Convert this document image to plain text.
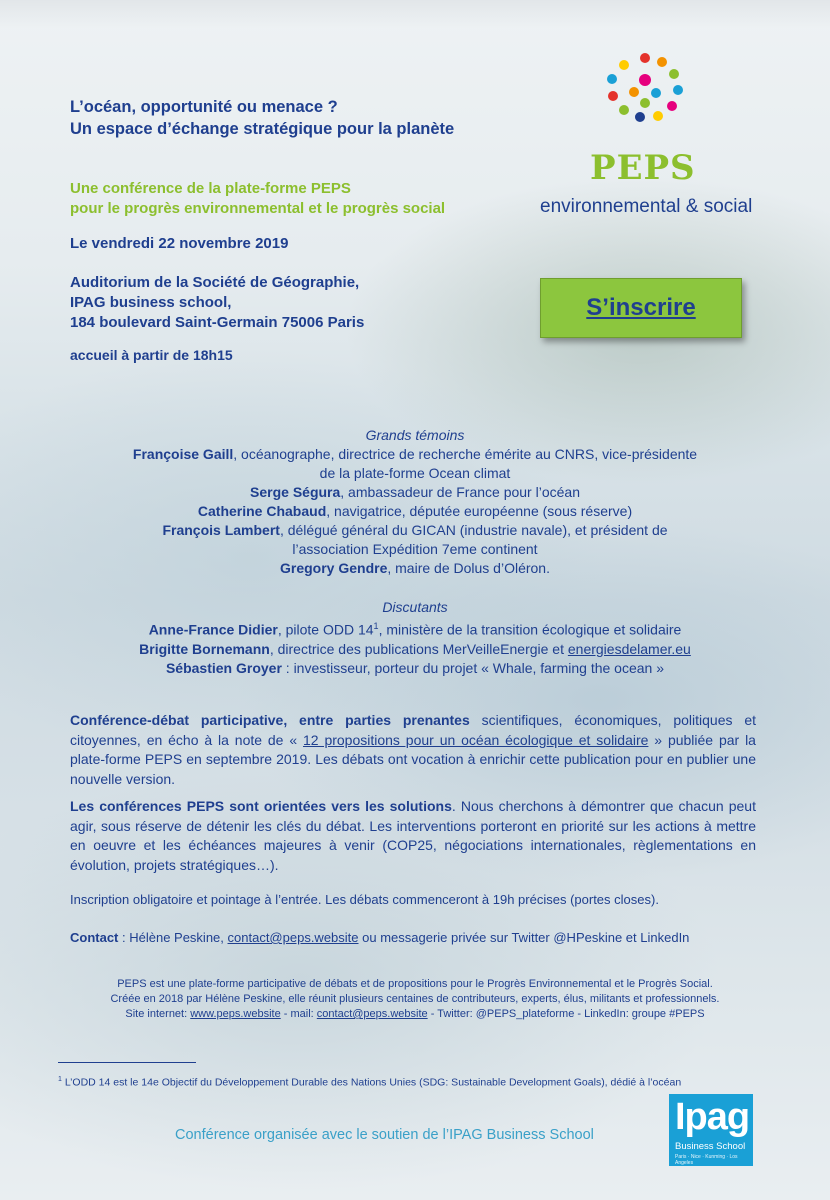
L’océan, opportunité ou menace ?
Un espace d’échange stratégique pour la planète
Une conférence de la plate-forme PEPS
pour le progrès environnemental et le progrès social
Le vendredi 22 novembre 2019
Auditorium de la Société de Géographie,
IPAG business school,
184 boulevard Saint-Germain 75006 Paris
accueil à partir de 18h15
PEPS
environnemental & social
S’inscrire
Grands témoins
Françoise Gaill, océanographe, directrice de recherche émérite au CNRS, vice-présidente
de la plate-forme Ocean climat
Serge Ségura, ambassadeur de France pour l’océan
Catherine Chabaud, navigatrice, députée européenne (sous réserve)
François Lambert, délégué général du GICAN (industrie navale), et président de
l’association Expédition 7eme continent
Gregory Gendre, maire de Dolus d’Oléron.
Discutants
Anne-France Didier, pilote ODD $14^1$, ministère de la transition écologique et solidaire
Brigitte Bornemann, directrice des publications MerVeilleEnergie et energiesdelamer.eu
Sébastien Groyer : investisseur, porteur du projet « Whale, farming the ocean »
Conférence-débat participative, entre parties prenantes scientifiques, économiques, politiques et citoyennes, en écho à la note de « 12 propositions pour un océan écologique et solidaire » publiée par la plate-forme PEPS en septembre 2019. Les débats ont vocation à enrichir cette publication pour en publier une nouvelle version.
Les conférences PEPS sont orientées vers les solutions. Nous cherchons à démontrer que chacun peut agir, sous réserve de détenir les clés du débat. Les interventions porteront en priorité sur les actions à mettre en oeuvre et les échéances majeures à venir (COP25, négociations internationales, règlementations en évolution, projets stratégiques…).
Inscription obligatoire et pointage à l’entrée. Les débats commenceront à 19h précises (portes closes).
Contact : Hélène Peskine, contact@peps.website ou messagerie privée sur Twitter @HPeskine et LinkedIn
PEPS est une plate-forme participative de débats et de propositions pour le Progrès Environnemental et le Progrès Social.
Créée en 2018 par Hélène Peskine, elle réunit plusieurs centaines de contributeurs, experts, élus, militants et professionnels.
Site internet: www.peps.website - mail: contact@peps.website - Twitter: @PEPS_plateforme - LinkedIn: groupe #PEPS
$^1$ L’ODD 14 est le 14e Objectif du Développement Durable des Nations Unies (SDG: Sustainable Development Goals), dédié à l’océan
Conférence organisée avec le soutien de l’IPAG Business School Ipag
Business School
Paris · Nice · Kunming · Los Angeles
